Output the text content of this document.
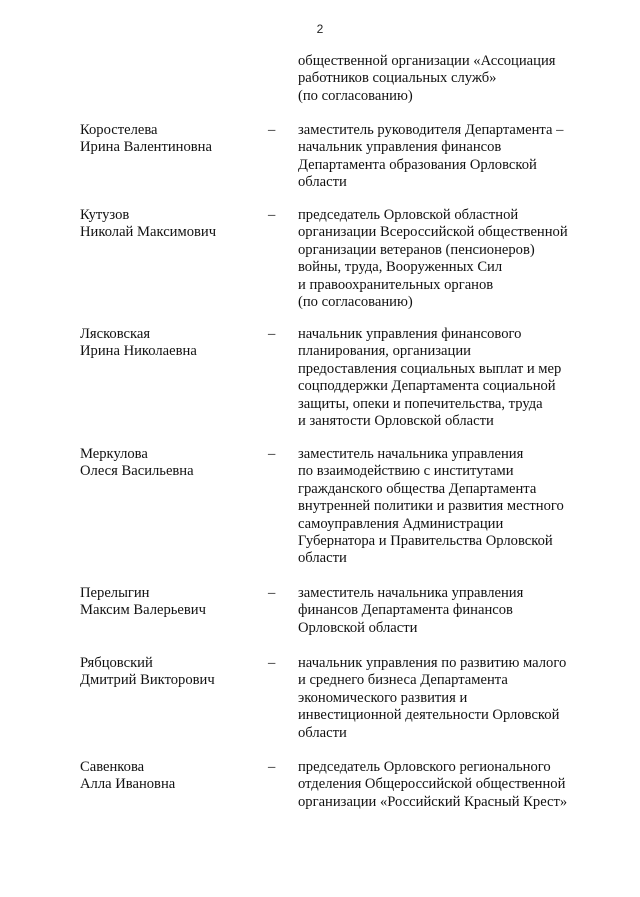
2
общественной организации «Ассоциация
работников социальных служб»
(по согласованию)
Коростелева
Ирина Валентиновна
– заместитель руководителя Департамента –
начальник управления финансов
Департамента образования Орловской
области
Кутузов
Николай Максимович
– председатель Орловской областной
организации Всероссийской общественной
организации ветеранов (пенсионеров)
войны, труда, Вооруженных Сил
и правоохранительных органов
(по согласованию)
Лясковская
Ирина Николаевна
– начальник управления финансового
планирования, организации
предоставления социальных выплат и мер
соцподдержки Департамента социальной
защиты, опеки и попечительства, труда
и занятости Орловской области
Меркулова
Олеся Васильевна
– заместитель начальника управления
по взаимодействию с институтами
гражданского общества Департамента
внутренней политики и развития местного
самоуправления Администрации
Губернатора и Правительства Орловской
области
Перелыгин
Максим Валерьевич
– заместитель начальника управления
финансов Департамента финансов
Орловской области
Рябцовский
Дмитрий Викторович
– начальник управления по развитию малого
и среднего бизнеса Департамента
экономического развития и
инвестиционной деятельности Орловской
области
Савенкова
Алла Ивановна
– председатель Орловского регионального
отделения Общероссийской общественной
организации «Российский Красный Крест»
